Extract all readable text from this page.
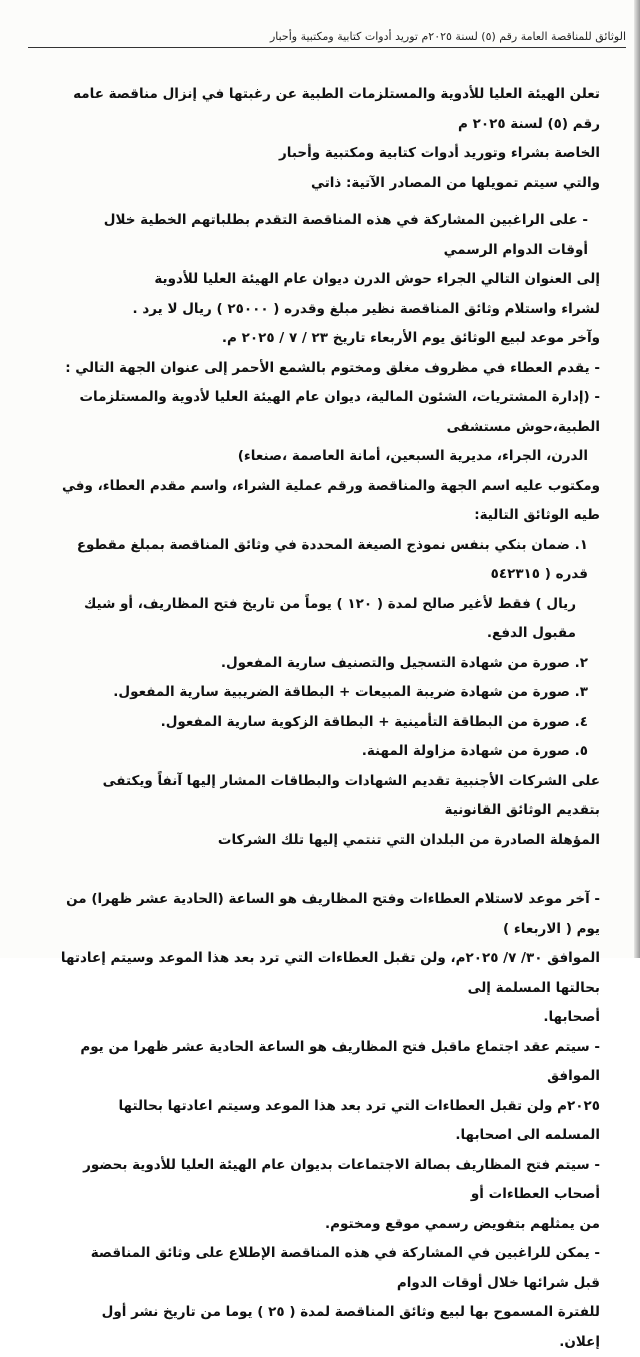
الوثائق للمناقصة العامة رقم (٥) لسنة ٢٠٢٥م توريد أدوات كتابية ومكتبية وأحبار

تعلن الهيئة العليا للأدوية والمستلزمات الطبية عن رغبتها في إنزال مناقصة عامه رقم (٥) لسنة ٢٠٢٥ م

الخاصة بشراء وتوريد أدوات كتابية ومكتبية وأحبار

والتي سيتم تمويلها من المصادر الآتية: ذاتي

- على الراغبين المشاركة في هذه المناقصة التقدم بطلباتهم الخطية خلال أوقات الدوام الرسمي

إلى العنوان التالي الجراء حوش الدرن ديوان عام الهيئة العليا للأدوية

لشراء واستلام وثائق المناقصة نظير مبلغ وقدره ( ٢٥٠٠٠ ) ريال لا يرد .

وآخر موعد لبيع الوثائق يوم الأربعاء تاريخ ٢٣ / ٧ / ٢٠٢٥ م.

- يقدم العطاء في مظروف مغلق ومختوم بالشمع الأحمر إلى عنوان الجهة التالي :

- (إدارة المشتريات، الشئون المالية، ديوان عام الهيئة العليا لأدوية والمستلزمات الطبية،حوش مستشفى

الدرن، الجراء، مديرية السبعين، أمانة العاصمة ،صنعاء)

ومكتوب عليه اسم الجهة والمناقصة ورقم عملية الشراء، واسم مقدم العطاء، وفي طيه الوثائق التالية:

١. ضمان بنكي بنفس نموذج الصيغة المحددة في وثائق المناقصة بمبلغ مقطوع قدره ( ٥٤٢٣١٥

ريال ) فقط لأغير صالح لمدة ( ١٢٠ ) يوماً من تاريخ فتح المظاريف، أو شيك مقبول الدفع.

٢. صورة من شهادة التسجيل والتصنيف سارية المفعول.

٣. صورة من شهادة ضريبة المبيعات + البطاقة الضريبية سارية المفعول.

٤. صورة من البطاقة التأمينية + البطاقة الزكوية سارية المفعول.

٥. صورة من شهادة مزاولة المهنة.

على الشركات الأجنبية تقديم الشهادات والبطاقات المشار إليها آنفاً ويكتفى بتقديم الوثائق القانونية

المؤهلة الصادرة من البلدان التي تنتمي إليها تلك الشركات

- آخر موعد لاستلام العطاءات وفتح المظاريف هو الساعة (الحادية عشر ظهرا) من يوم ( الاربعاء )

الموافق ٣٠/ ٧/ ٢٠٢٥م، ولن تقبل العطاءات التي ترد بعد هذا الموعد وسيتم إعادتها بحالتها المسلمة إلى

أصحابها.

- سيتم عقد اجتماع ماقبل فتح المظاريف هو الساعة الحادية عشر ظهرا من يوم الموافق

٢٠٢٥م ولن تقبل العطاءات التي ترد بعد هذا الموعد وسيتم اعادتها بحالتها المسلمه الى اصحابها.

- سيتم فتح المظاريف بصالة الاجتماعات بديوان عام الهيئة العليا للأدوية بحضور أصحاب العطاءات أو

من يمثلهم بتفويض رسمي موقع ومختوم.

- يمكن للراغبين في المشاركة في هذه المناقصة الإطلاع على وثائق المناقصة قبل شرائها خلال أوقات الدوام

للفترة المسموح بها لبيع وثائق المناقصة لمدة ( ٢٥ ) يوما من تاريخ نشر أول إعلان.
